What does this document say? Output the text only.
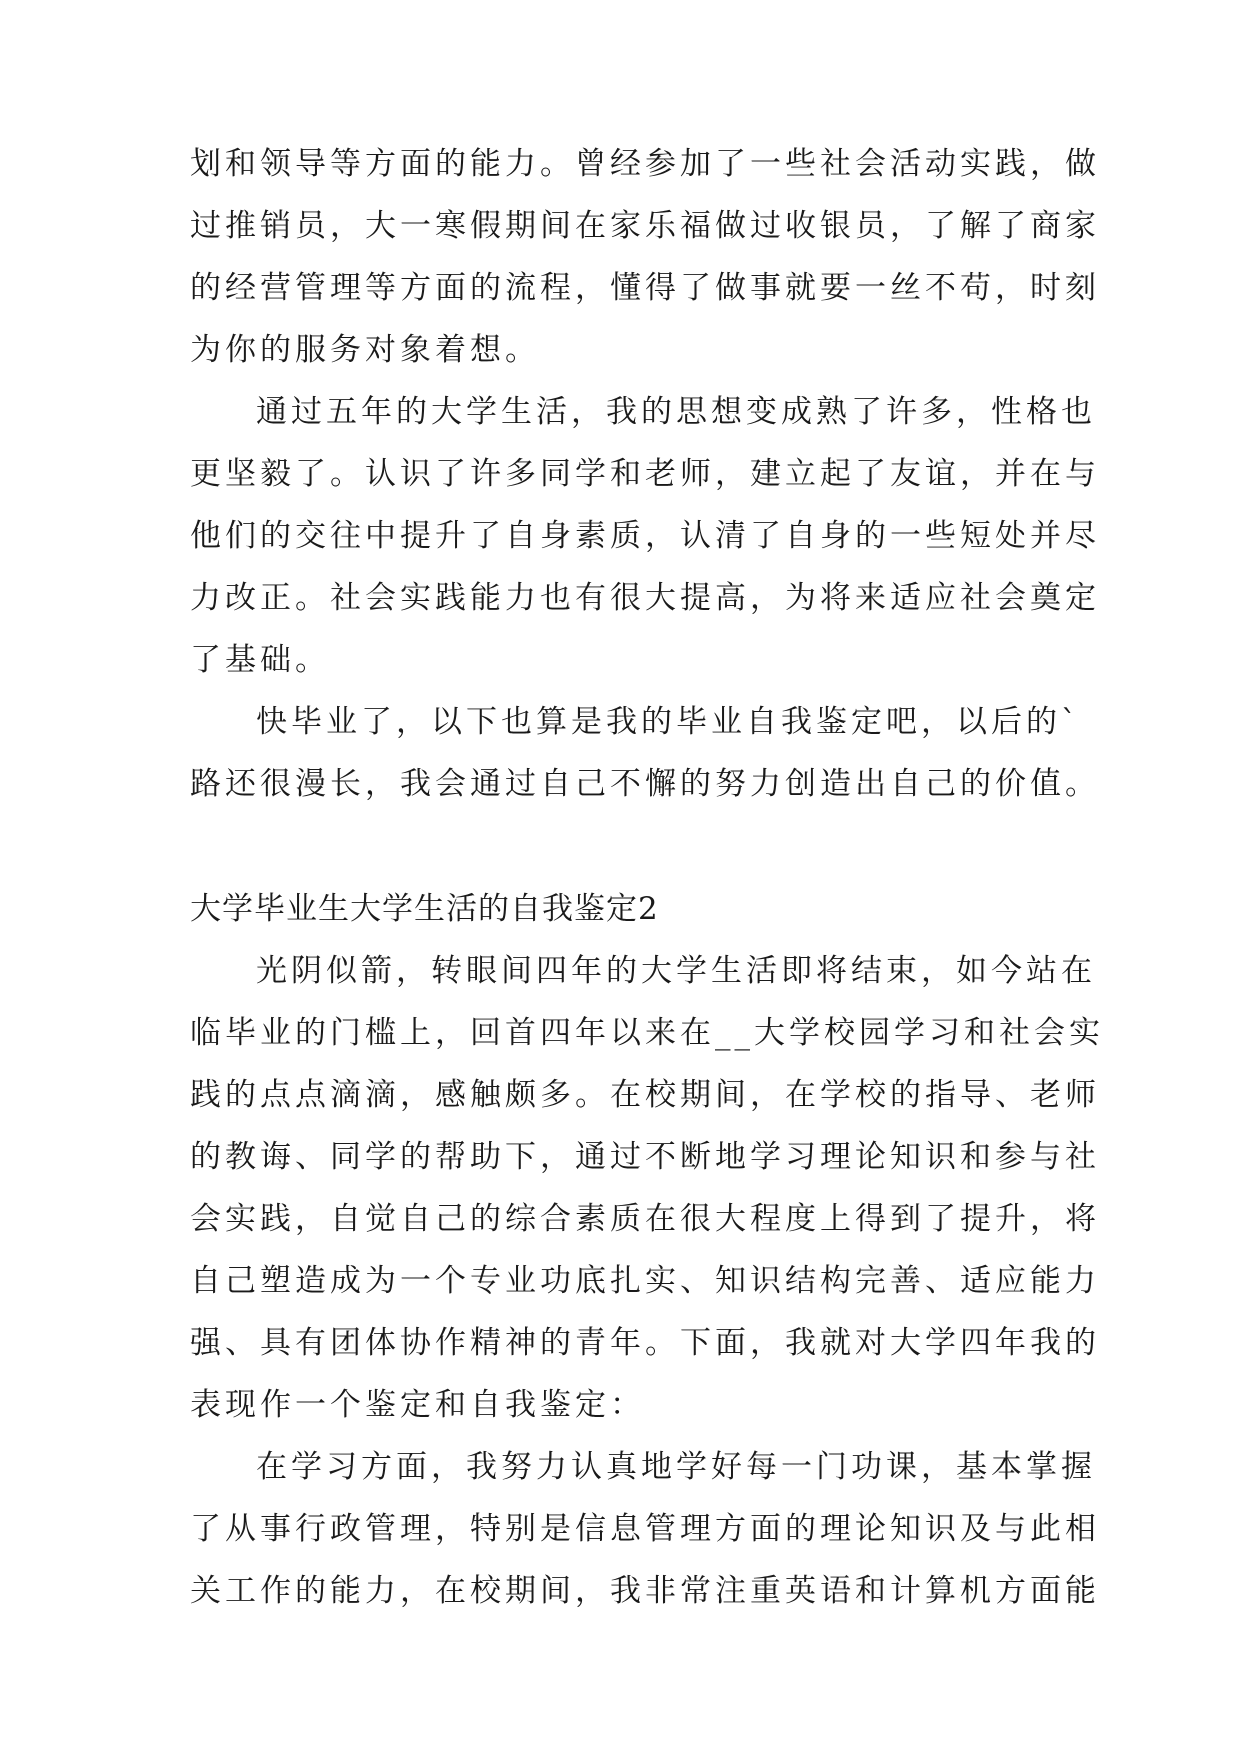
划和领导等方面的能力。曾经参加了一些社会活动实践，做
过推销员，大一寒假期间在家乐福做过收银员，了解了商家
的经营管理等方面的流程，懂得了做事就要一丝不苟，时刻
为你的服务对象着想。

通过五年的大学生活，我的思想变成熟了许多，性格也
更坚毅了。认识了许多同学和老师，建立起了友谊，并在与
他们的交往中提升了自身素质，认清了自身的一些短处并尽
力改正。社会实践能力也有很大提高，为将来适应社会奠定
了基础。

快毕业了，以下也算是我的毕业自我鉴定吧，以后的`
路还很漫长，我会通过自己不懈的努力创造出自己的价值。

大学毕业生大学生活的自我鉴定2

光阴似箭，转眼间四年的大学生活即将结束，如今站在
临毕业的门槛上，回首四年以来在__大学校园学习和社会实
践的点点滴滴，感触颇多。在校期间，在学校的指导、老师
的教诲、同学的帮助下，通过不断地学习理论知识和参与社
会实践，自觉自己的综合素质在很大程度上得到了提升，将
自己塑造成为一个专业功底扎实、知识结构完善、适应能力
强、具有团体协作精神的青年。下面，我就对大学四年我的
表现作一个鉴定和自我鉴定：

在学习方面，我努力认真地学好每一门功课，基本掌握
了从事行政管理，特别是信息管理方面的理论知识及与此相
关工作的能力，在校期间，我非常注重英语和计算机方面能
